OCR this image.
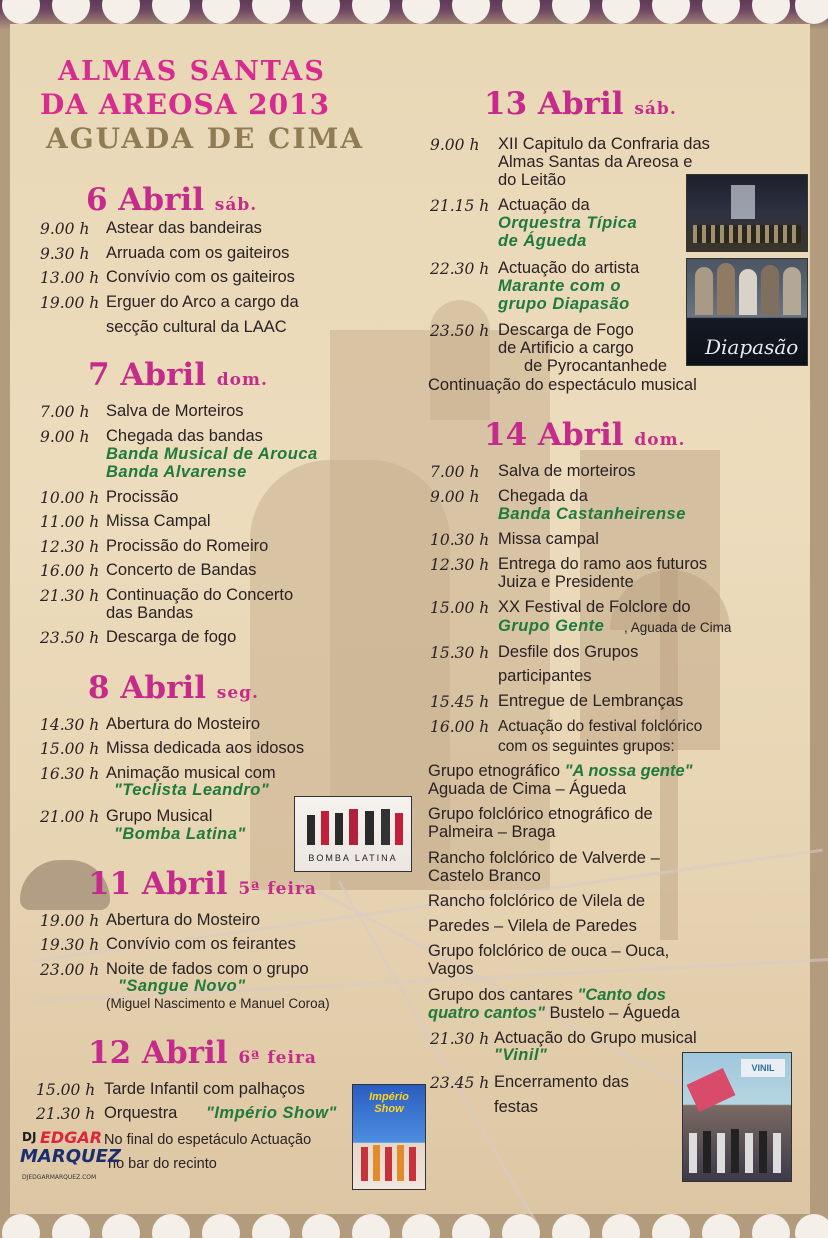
ALMAS SANTAS
DA AREOSA 2013
AGUADA DE CIMA
6 Abril sáb.
9.00 h Astear das bandeiras
9.30 h Arruada com os gaiteiros
13.00 h Convívio com os gaiteiros
19.00 h Erguer do Arco a cargo da
secção cultural da LAAC
7 Abril dom.
7.00 h Salva de Morteiros
9.00 h Chegada das bandas
Banda Musical de Arouca
Banda Alvarense
10.00 h Procissão
11.00 h Missa Campal
12.30 h Procissão do Romeiro
16.00 h Concerto de Bandas
21.30 h Continuação do Concerto
das Bandas
23.50 h Descarga de fogo
8 Abril seg.
14.30 h Abertura do Mosteiro
15.00 h Missa dedicada aos idosos
16.30 h Animação musical com
"Teclista Leandro"
21.00 h Grupo Musical
"Bomba Latina"
BOMBA LATINA
11 Abril 5ª feira
19.00 h Abertura do Mosteiro
19.30 h Convívio com os feirantes
23.00 h Noite de fados com o grupo
"Sangue Novo"
(Miguel Nascimento e Manuel Coroa)
12 Abril 6ª feira
15.00 h Tarde Infantil com palhaços
21.30 h Orquestra "Império Show"
No final do espetáculo Actuação
no bar do recinto
Império Show
DJ EDGAR
MARQUEZ
DJEDGARMARQUEZ.COM
13 Abril sáb.
9.00 h XII Capitulo da Confraria das
Almas Santas da Areosa e
do Leitão
21.15 h Actuação da
Orquestra Típica
de Águeda
22.30 h Actuação do artista
Marante com o
grupo Diapasão
23.50 h Descarga de Fogo
de Artificio a cargo
de Pyrocantanhede
Continuação do espectáculo musical
Diapasão
14 Abril dom.
7.00 h Salva de morteiros
9.00 h Chegada da
Banda Castanheirense
10.30 h Missa campal
12.30 h Entrega do ramo aos futuros
Juiza e Presidente
15.00 h XX Festival de Folclore do
Grupo Gente , Aguada de Cima
15.30 h Desfile dos Grupos
participantes
15.45 h Entregue de Lembranças
16.00 h Actuação do festival folclórico
com os seguintes grupos:
Grupo etnográfico "A nossa gente"
Aguada de Cima – Águeda
Grupo folclórico etnográfico de
Palmeira – Braga
Rancho folclórico de Valverde –
Castelo Branco
Rancho folclórico de Vilela de
Paredes – Vilela de Paredes
Grupo folclórico de ouca – Ouca,
Vagos
Grupo dos cantares "Canto dos
quatro cantos" Bustelo – Águeda
21.30 h Actuação do Grupo musical
"Vinil"
23.45 h Encerramento das
festas
VINIL
